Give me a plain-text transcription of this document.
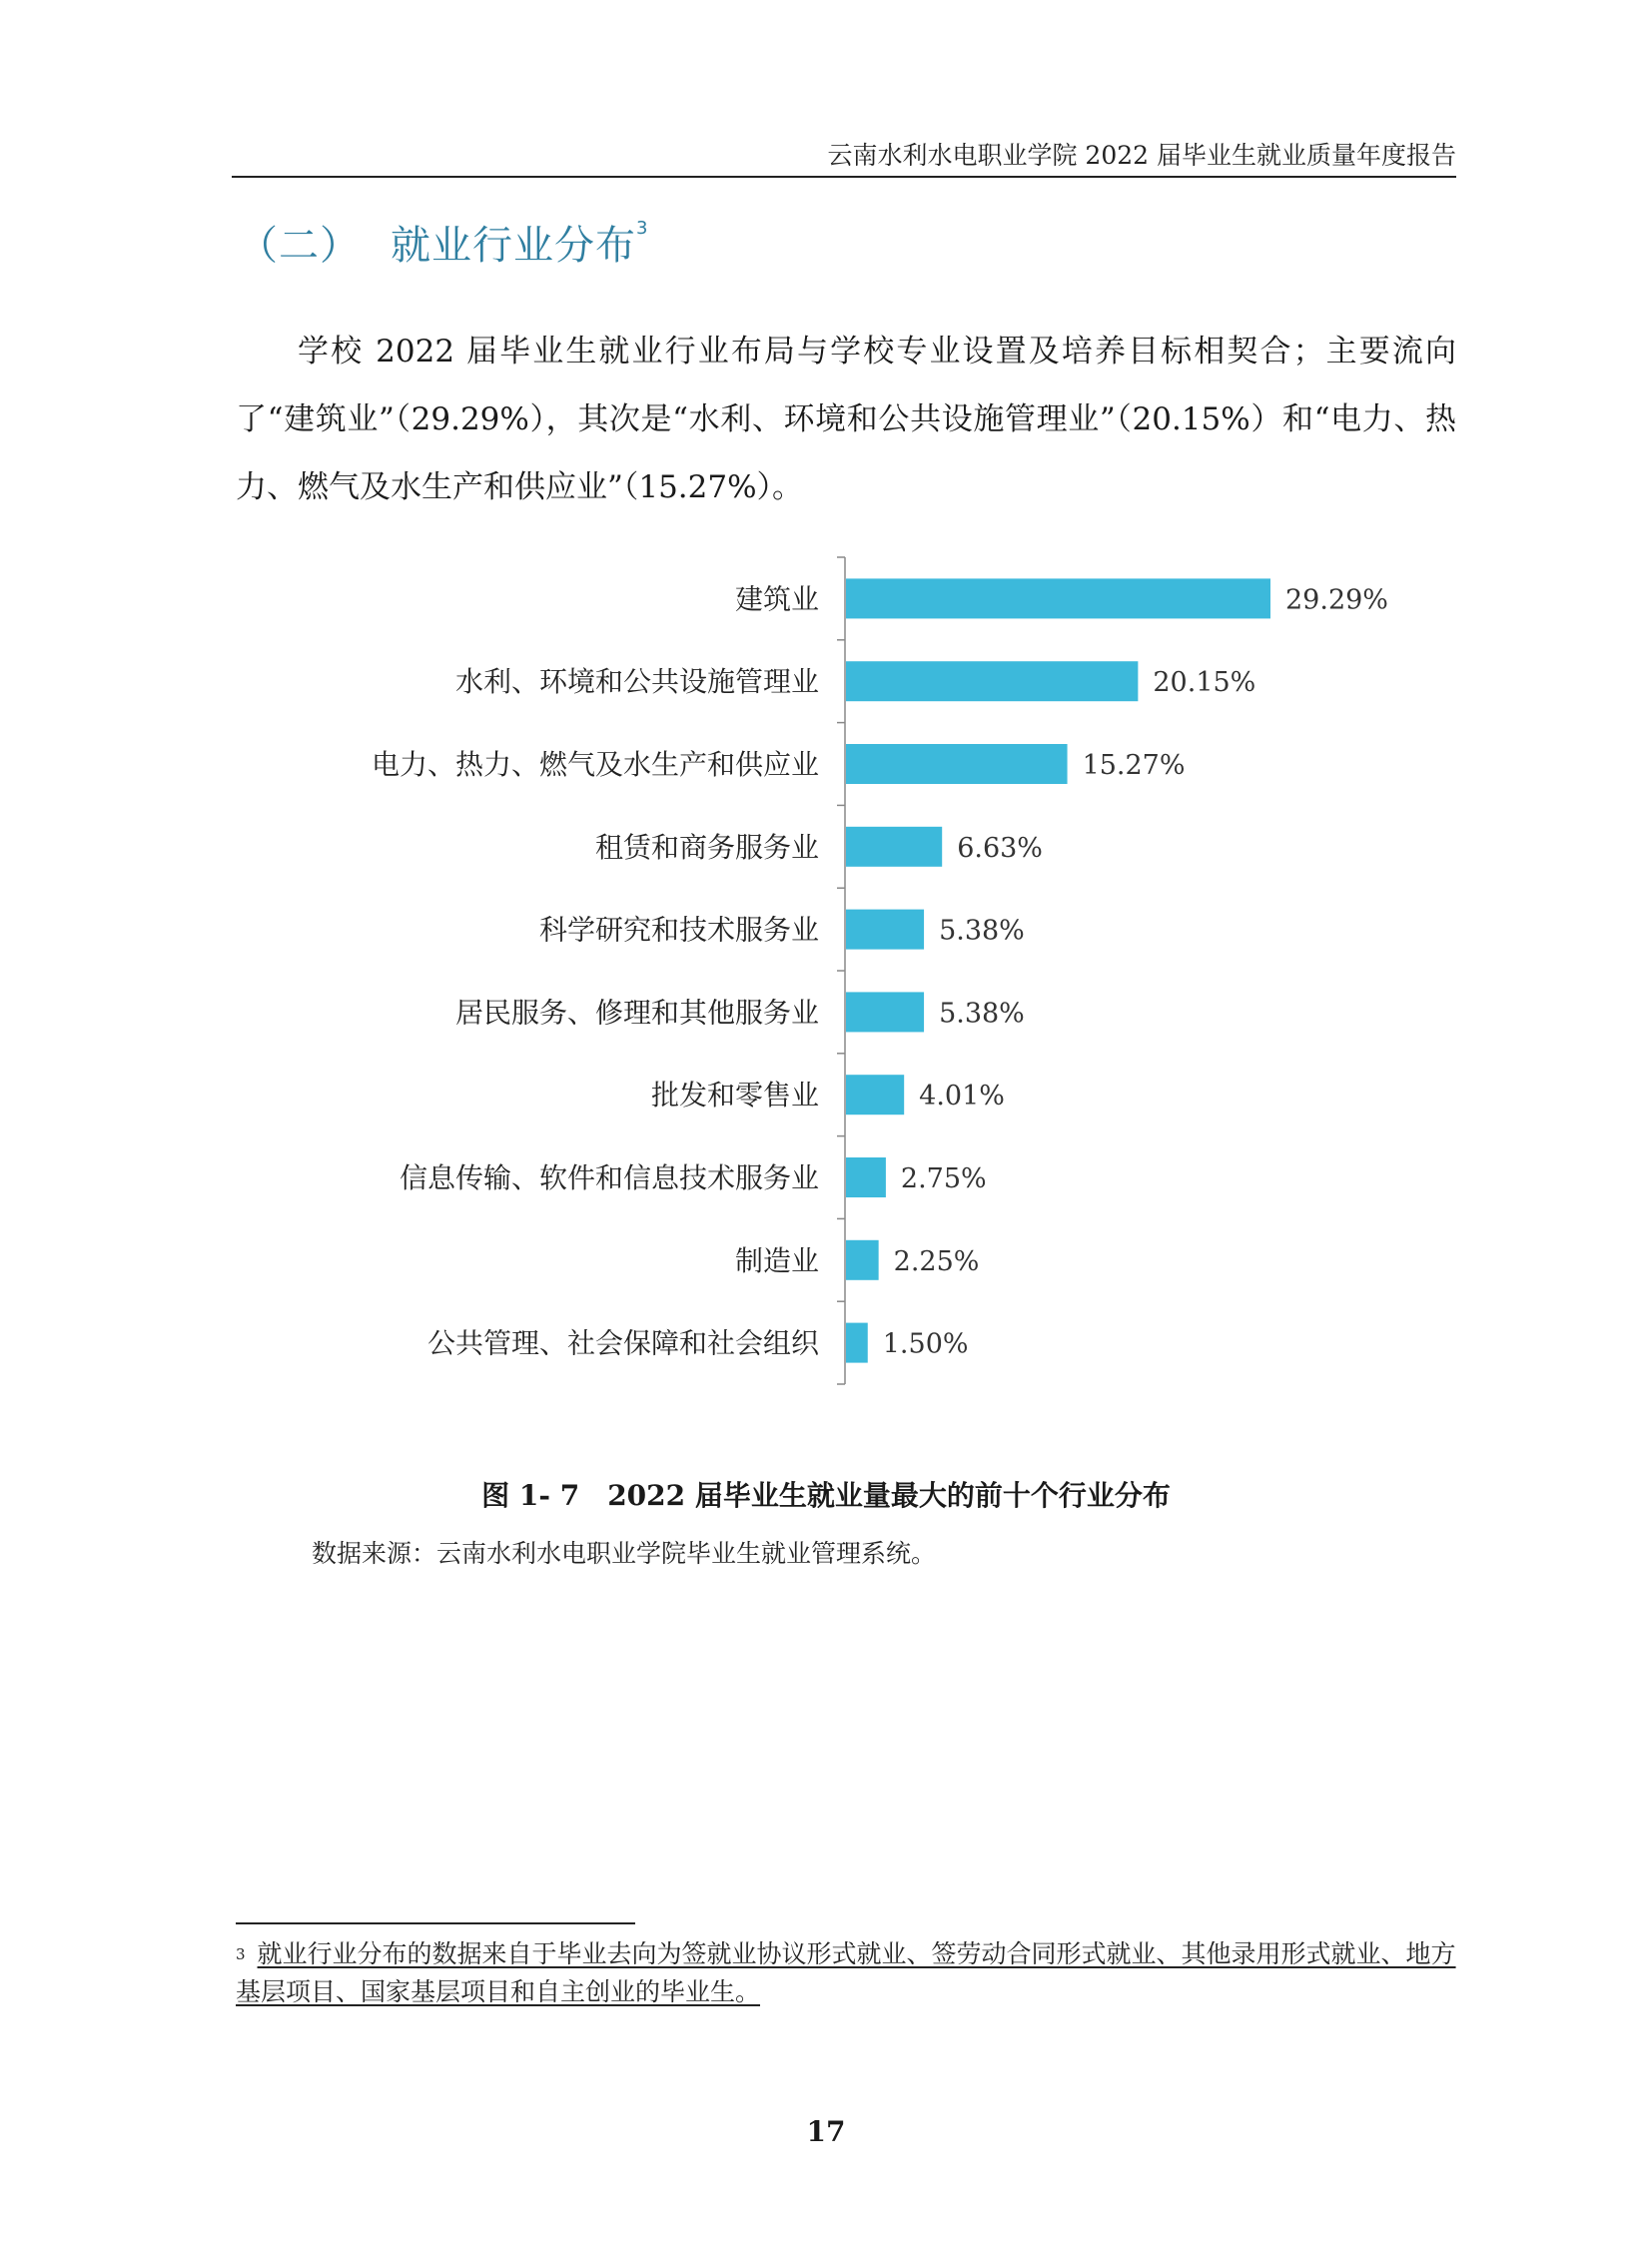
云南水利水电职业学院 2022 届毕业生就业质量年度报告
（二） 就业行业分布$^3$
学校 2022 届毕业生就业行业布局与学校专业设置及培养目标相契合；主要流向了“建筑业”（29.29%），其次是“水利、环境和公共设施管理业”（20.15%）和“电力、热力、燃气及水生产和供应业”（15.27%）。
建筑业	29.29%
水利、环境和公共设施管理业	20.15%
电力、热力、燃气及水生产和供应业	15.27%
租赁和商务服务业	6.63%
科学研究和技术服务业	5.38%
居民服务、修理和其他服务业	5.38%
批发和零售业	4.01%
信息传输、软件和信息技术服务业	2.75%
制造业	2.25%
公共管理、社会保障和社会组织 1.50%
图 1- 7　2022 届毕业生就业量最大的前十个行业分布
数据来源：云南水利水电职业学院毕业生就业管理系统。
$^3$ 就业行业分布的数据来自于毕业去向为签就业协议形式就业、签劳动合同形式就业、其他录用形式就业、地方基层项目、国家基层项目和自主创业的毕业生。
17
